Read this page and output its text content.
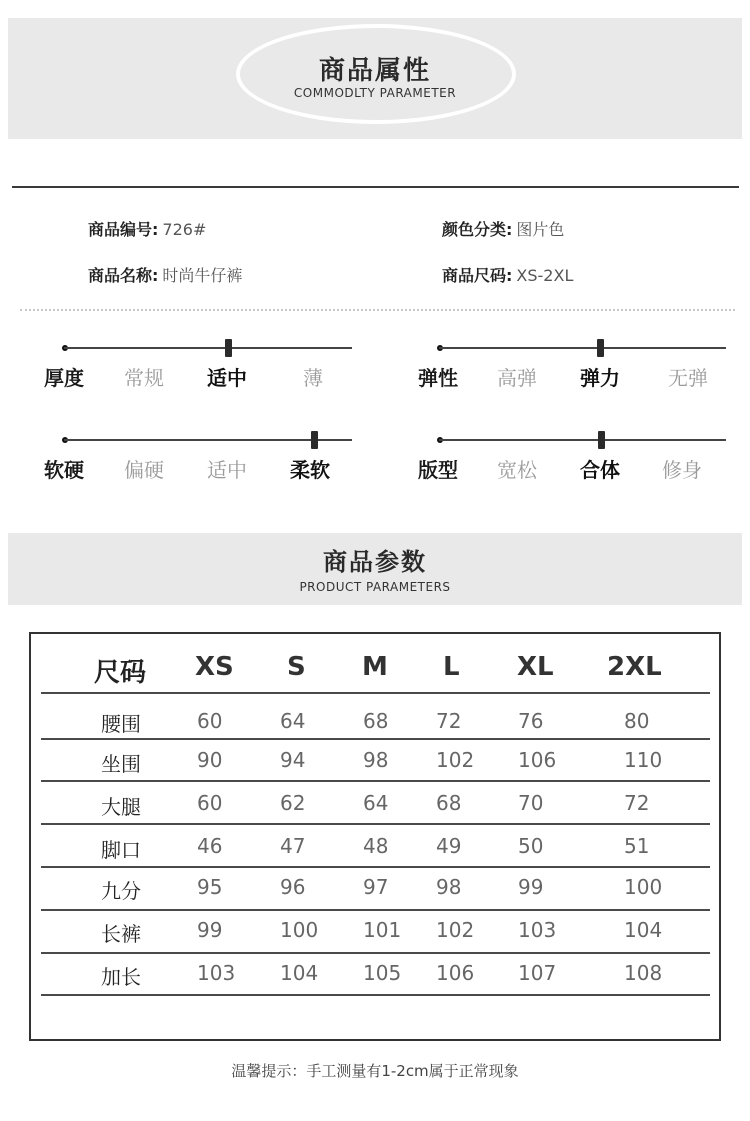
商品属性
COMMODLTY PARAMETER
商品编号: 726#	颜色分类: 图片色
商品名称: 时尚牛仔裤	商品尺码: XS-2XL
厚度 常规 适中	薄	弹性 高弹 弹力 无弹
软硬 偏硬 适中 柔软	版型 宽松 合体 修身
商品参数
PRODUCT PARAMETERS
尺码 XS S M L XL 2XL
腰围	60	64	68 72	76	80
坐围	90	94	98 102 106	110
大腿	60	62	64 68	70	72
脚口	46	47	48 49	50	51
九分	95	96	97 98	99	100
长裤	99	100 101 102 103	104
加长	103 104 105 106 107	108
温馨提示：手工测量有1-2cm属于正常现象
